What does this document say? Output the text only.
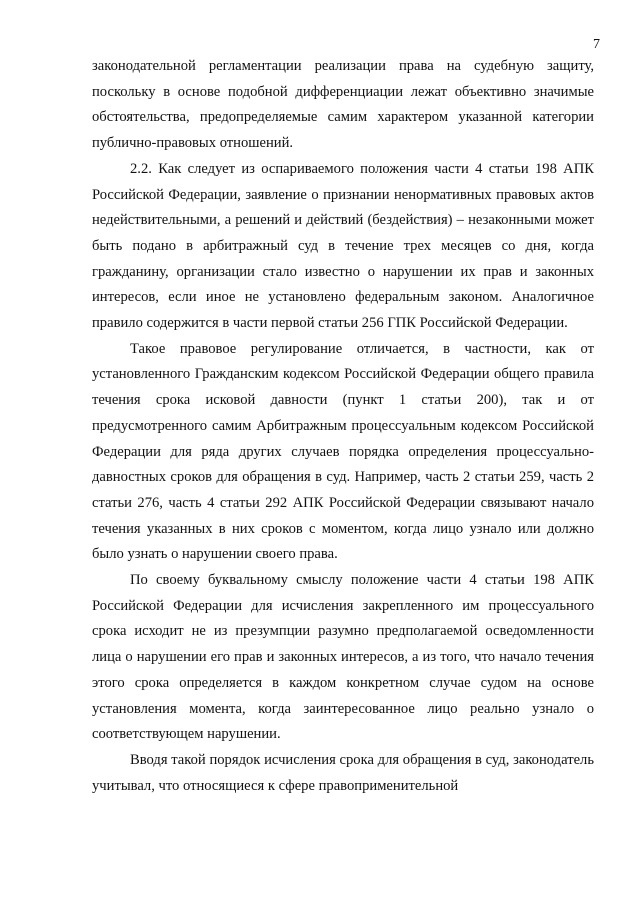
7

законодательной регламентации реализации права на судебную защиту, поскольку в основе подобной дифференциации лежат объективно значимые обстоятельства, предопределяемые самим характером указанной категории публично-правовых отношений.

2.2. Как следует из оспариваемого положения части 4 статьи 198 АПК Российской Федерации, заявление о признании ненормативных правовых актов недействительными, а решений и действий (бездействия) – незаконными может быть подано в арбитражный суд в течение трех месяцев со дня, когда гражданину, организации стало известно о нарушении их прав и законных интересов, если иное не установлено федеральным законом. Аналогичное правило содержится в части первой статьи 256 ГПК Российской Федерации.

Такое правовое регулирование отличается, в частности, как от установленного Гражданским кодексом Российской Федерации общего правила течения срока исковой давности (пункт 1 статьи 200), так и от предусмотренного самим Арбитражным процессуальным кодексом Российской Федерации для ряда других случаев порядка определения процессуально-давностных сроков для обращения в суд. Например, часть 2 статьи 259, часть 2 статьи 276, часть 4 статьи 292 АПК Российской Федерации связывают начало течения указанных в них сроков с моментом, когда лицо узнало или должно было узнать о нарушении своего права.

По своему буквальному смыслу положение части 4 статьи 198 АПК Российской Федерации для исчисления закрепленного им процессуального срока исходит не из презумпции разумно предполагаемой осведомленности лица о нарушении его прав и законных интересов, а из того, что начало течения этого срока определяется в каждом конкретном случае судом на основе установления момента, когда заинтересованное лицо реально узнало о соответствующем нарушении.

Вводя такой порядок исчисления срока для обращения в суд, законодатель учитывал, что относящиеся к сфере правоприменительной
